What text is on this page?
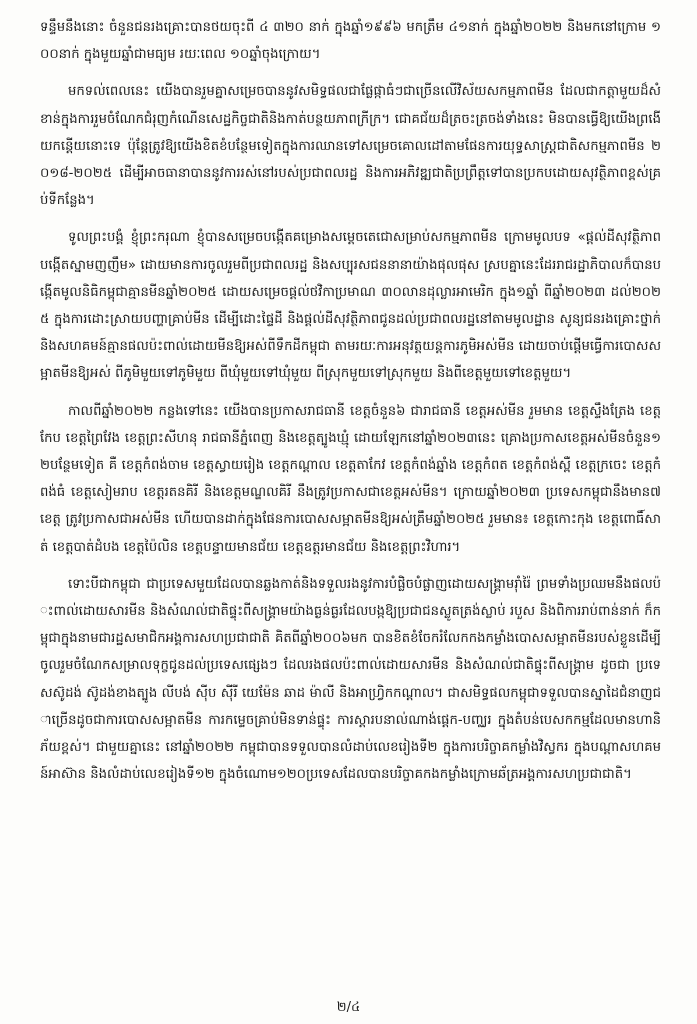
ទន្ទឹមនឹងនោះ ចំនួនជនរងគ្រោះបានថយចុះពី ៤ ៣២០ នាក់ ក្នុងឆ្នាំ១៩៩៦ មកត្រឹម ៤១នាក់ ក្នុងឆ្នាំ២០២២ និងមកនៅក្រោម ១០០នាក់ ក្នុងមួយឆ្នាំជាមធ្យម រយៈពេល ១០ឆ្នាំចុងក្រោយ។

មកទល់ពេលនេះ យើងបានរួមគ្នាសម្រេចបាននូវសមិទ្ធផលជាផ្លែផ្កាធំៗជាច្រើនលើវិស័យសកម្មភាពមីន ដែលជាកត្តាមួយដ៏សំខាន់ក្នុងការរួមចំណែកជំរុញកំណើនសេដ្ឋកិច្ចជាតិនិងកាត់បន្ថយភាពក្រីក្រ។ ជោគជ័យដ៏ត្រចះត្រចង់ទាំងនេះ មិនបានធ្វើឱ្យយើងព្រងើយកន្តើយនោះទេ ប៉ុន្តែត្រូវឱ្យយើងខិតខំបន្ថែមទៀតក្នុងការឈានទៅសម្រេចគោលដៅតាមផែនការយុទ្ធសាស្ត្រជាតិសកម្មភាពមីន ២០១៨-២០២៥ ដើម្បីអាចធានាបាននូវការរស់នៅរបស់ប្រជាពលរដ្ឋ និងការអភិវឌ្ឍជាតិប្រព្រឹត្តទៅបានប្រកបដោយសុវត្ថិភាពខ្ពស់គ្រប់ទីកន្លែង។

ទូលព្រះបង្គំ ខ្ញុំព្រះករុណា ខ្ញុំបានសម្រេចបង្កើតគម្រោងសម្ដេចតេជោសម្រាប់សកម្មភាពមីន ក្រោមមូលបទ «ផ្ដល់ដីសុវត្ថិភាព បង្កើតស្នាមញញឹម» ដោយមានការចូលរួមពីប្រជាពលរដ្ឋ និងសប្បុរសជននានាយ៉ាងផុលផុស ស្របគ្នានេះដែររាជរដ្ឋាភិបាលក៏បានបង្កើតមូលនិធិកម្ពុជាគ្មានមីនឆ្នាំ២០២៥ ដោយសម្រេចផ្ដល់ថវិកាប្រមាណ ៣០លានដុល្លារអាមេរិក ក្នុង១ឆ្នាំ ពីឆ្នាំ២០២៣ ដល់២០២៥ ក្នុងការដោះស្រាយបញ្ហាគ្រាប់មីន ដើម្បីដោះផ្ទៃដី និងផ្ដល់ដីសុវត្ថិភាពជូនដល់ប្រជាពលរដ្ឋនៅតាមមូលដ្ឋាន សូន្យជនរងគ្រោះថ្នាក់ និងសហគមន៍គ្មានផលប៉ះពាល់ដោយមីនឱ្យអស់ពីទឹកដីកម្ពុជា តាមរយៈការអនុវត្តយន្តការភូមិអស់មីន ដោយចាប់ផ្ដើមធ្វើការបោសសម្អាតមីនឱ្យអស់ ពីភូមិមួយទៅភូមិមួយ ពីឃុំមួយទៅឃុំមួយ ពីស្រុកមួយទៅស្រុកមួយ និងពីខេត្តមួយទៅខេត្តមួយ។

កាលពីឆ្នាំ២០២២ កន្លងទៅនេះ យើងបានប្រកាសរាជធានី ខេត្តចំនួន៦ ជារាជធានី ខេត្តអស់មីន រួមមាន ខេត្តស្ទឹងត្រែង ខេត្តកែប ខេត្តព្រៃវែង ខេត្តព្រះសីហនុ រាជធានីភ្នំពេញ និងខេត្តត្បូងឃ្មុំ ដោយឡែកនៅឆ្នាំ២០២៣នេះ គ្រោងប្រកាសខេត្តអស់មីនចំនួន១២បន្ថែមទៀត គឺ ខេត្តកំពង់ចាម ខេត្តស្វាយរៀង ខេត្តកណ្ដាល ខេត្តតាកែវ ខេត្តកំពង់ឆ្នាំង ខេត្តកំពត ខេត្តកំពង់ស្ពឺ ខេត្តក្រចេះ ខេត្តកំពង់ធំ ខេត្តសៀមរាប ខេត្តរតនគិរី និងខេត្តមណ្ឌលគិរី នឹងត្រូវប្រកាសជាខេត្តអស់មីន។ ក្រោយឆ្នាំ២០២៣ ប្រទេសកម្ពុជានឹងមាន៧ ខេត្ត ត្រូវប្រកាសជាអស់មីន ហើយបានដាក់ក្នុងផែនការបោសសម្អាតមីនឱ្យអស់ត្រឹមឆ្នាំ២០២៥ រួមមាន៖ ខេត្តកោះកុង ខេត្តពោធិ៍សាត់ ខេត្តបាត់ដំបង ខេត្តប៉ៃលិន ខេត្តបន្ទាយមានជ័យ ខេត្តឧត្តរមានជ័យ និងខេត្តព្រះវិហារ។

ទោះបីជាកម្ពុជា ជាប្រទេសមួយដែលបានឆ្លងកាត់និងទទួលរងនូវការបំផ្លិចបំផ្លាញដោយសង្គ្រាមរ៉ាំរ៉ៃ ព្រមទាំងប្រឈមនឹងផលប៉ះពាល់ដោយសារមីន និងសំណល់ជាតិផ្ទុះពីសង្គ្រាមយ៉ាងធ្ងន់ធ្ងរដែលបង្កឱ្យប្រជាជនស្លូតត្រង់ស្លាប់ របួស និងពិការរាប់ពាន់នាក់ ក៏កម្ពុជាក្នុងនាមជារដ្ឋសមាជិកអង្គការសហប្រជាជាតិ គិតពីឆ្នាំ២០០៦មក បានខិតខំចែករំលែកកងកម្លាំងបោសសម្អាតមីនរបស់ខ្លួនដើម្បីចូលរួមចំណែកសម្រាលទុក្ខជូនដល់ប្រទេសផ្សេងៗ ដែលរងផលប៉ះពាល់ដោយសារមីន និងសំណល់ជាតិផ្ទុះពីសង្គ្រាម ដូចជា ប្រទេសស៊ូដង់ ស៊ូដង់ខាងត្បូង លីបង់ ស៊ីប ស៊ីរី យេម៉ែន ឆាដ ម៉ាលី និងអាហ្វ្រិកកណ្ដាល។ ជាសមិទ្ធផលកម្ពុជាទទួលបានស្នាដៃជំនាញជាច្រើនដូចជាការបោសសម្អាតមីន ការកម្ទេចគ្រាប់មិនទាន់ផ្ទុះ ការស្ដារបនាល់ណាង់ផ្តេក-បញ្ឈរ ក្នុងតំបន់បេសកកម្មដែលមានហានិភ័យខ្ពស់។ ជាមួយគ្នានេះ នៅឆ្នាំ២០២២ កម្ពុជាបានទទួលបានលំដាប់លេខរៀងទី២ ក្នុងការបរិច្ចាគកម្លាំងវិស្វករ ក្នុងបណ្ដាសហគមន៍អាស៊ាន និងលំដាប់លេខរៀងទី១២ ក្នុងចំណោម១២០ប្រទេសដែលបានបរិច្ចាគកងកម្លាំងក្រោមឆ័ត្រអង្គការសហប្រជាជាតិ។

២/៤
